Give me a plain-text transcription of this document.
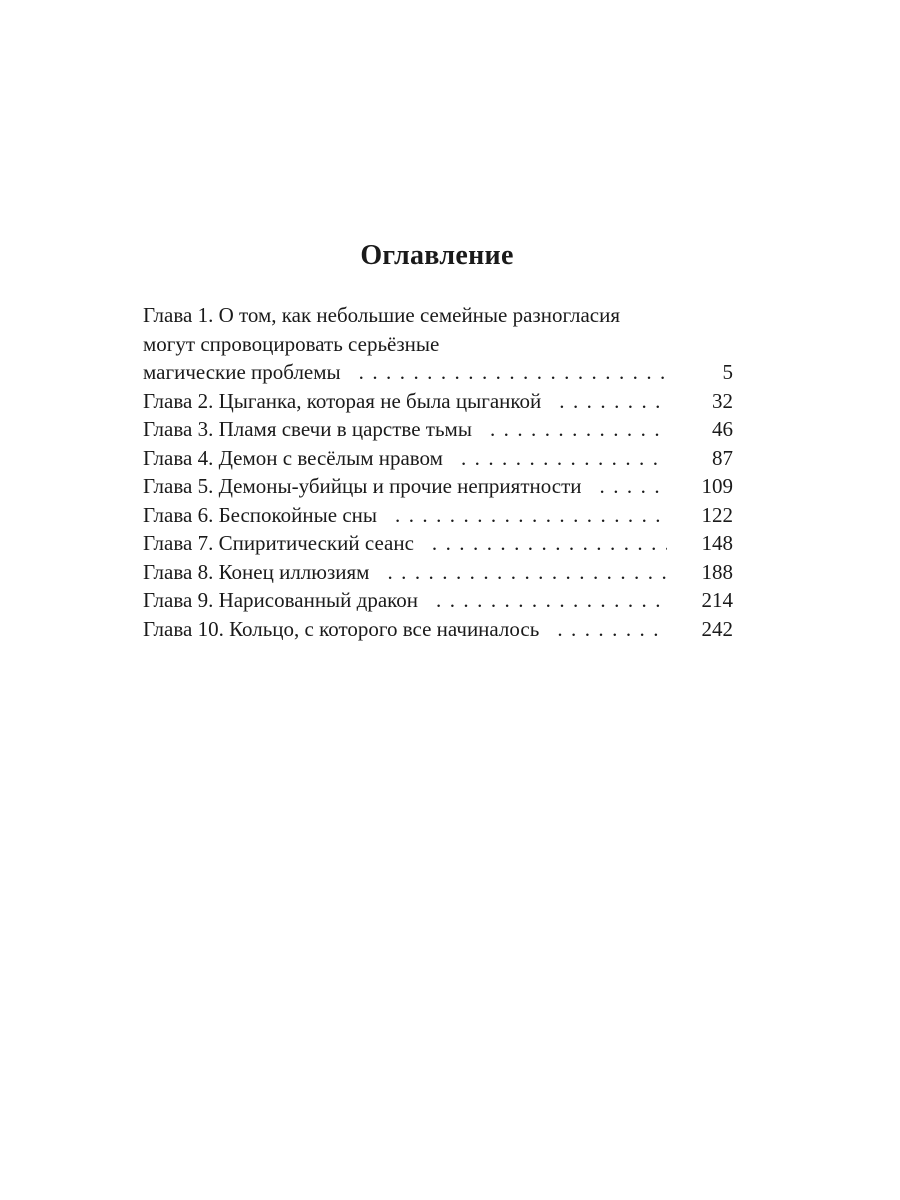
Оглавление
Глава 1. О том, как небольшие семейные разногласия
могут спровоцировать серьёзные
магические проблемы . . .	5
Глава 2. Цыганка, которая не была цыганкой . . .	32
Глава 3. Пламя свечи в царстве тьмы . . .	46
Глава 4. Демон с весёлым нравом . . .	87
Глава 5. Демоны-убийцы и прочие неприятности . . .	109
Глава 6. Беспокойные сны . . .	122
Глава 7. Спиритический сеанс . . .	148
Глава 8. Конец иллюзиям . . .	188
Глава 9. Нарисованный дракон . . .	214
Глава 10. Кольцо, с которого все начиналось . . .	242
